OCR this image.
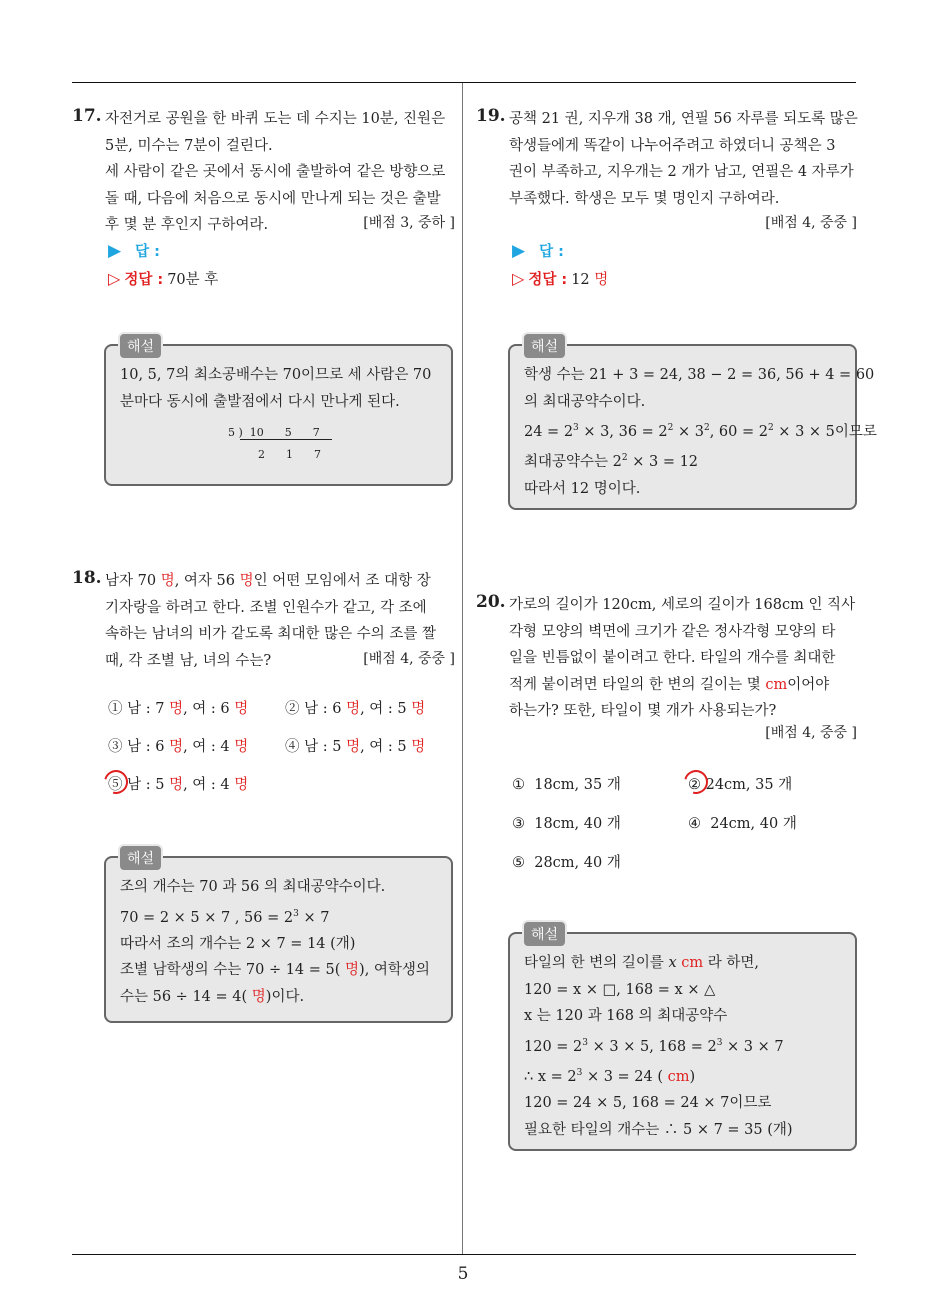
5
17. 자전거로 공원을 한 바퀴 도는 데 수지는 10분, 진원은
5분, 미수는 7분이 걸린다.
세 사람이 같은 곳에서 동시에 출발하여 같은 방향으로
돌 때, 다음에 처음으로 동시에 만나게 되는 것은 출발
후 몇 분 후인지 구하여라.	[배점 3, 중하 ]
▶ 답 :
▷ 정답 : 70분 후
해설
10, 5, 7의 최소공배수는 70이므로 세 사람은 70
분마다 동시에 출발점에서 다시 만나게 된다.
5 )  10      5      7
2      1      7
18. 남자 70 명, 여자 56 명인 어떤 모임에서 조 대항 장
기자랑을 하려고 한다. 조별 인원수가 같고, 각 조에
속하는 남녀의 비가 같도록 최대한 많은 수의 조를 짤
때, 각 조별 남, 녀의 수는?	[배점 4, 중중 ]
① 남 : 7 명, 여 : 6 명	② 남 : 6 명, 여 : 5 명
③ 남 : 6 명, 여 : 4 명	④ 남 : 5 명, 여 : 5 명
⑤ 남 : 5 명, 여 : 4 명
해설
조의 개수는 70 과 56 의 최대공약수이다.
70 = 2 × 5 × 7 , $56 = 2^3 \times 7$
따라서 조의 개수는 2 × 7 = 14 (개)
조별 남학생의 수는 70 ÷ 14 = 5( 명), 여학생의
수는 56 ÷ 14 = 4( 명)이다.
19. 공책 21 권, 지우개 38 개, 연필 56 자루를 되도록 많은
학생들에게 똑같이 나누어주려고 하였더니 공책은 3
권이 부족하고, 지우개는 2 개가 남고, 연필은 4 자루가
부족했다. 학생은 모두 몇 명인지 구하여라.
[배점 4, 중중 ]
▶ 답 :
▷ 정답 : 12 명
해설
학생 수는 21 + 3 = 24, 38 − 2 = 36, 56 + 4 = 60
의 최대공약수이다.
$24 = 2^3 \times 3$, $36 = 2^2 \times 3^2$, $60 = 2^2 \times 3 \times 5$이므로
최대공약수는 $2^2 \times 3 = 12$
따라서 12 명이다.
20. 가로의 길이가 120cm, 세로의 길이가 168cm 인 직사
각형 모양의 벽면에 크기가 같은 정사각형 모양의 타
일을 빈틈없이 붙이려고 한다. 타일의 개수를 최대한
적게 붙이려면 타일의 한 변의 길이는 몇 cm이어야
하는가? 또한, 타일이 몇 개가 사용되는가?
[배점 4, 중중 ]
①  18cm, 35 개	② 24cm, 35 개
③  18cm, 40 개	④  24cm, 40 개
⑤  28cm, 40 개
해설
타일의 한 변의 길이를 x cm 라 하면,
120 = x × □, 168 = x × △
x 는 120 과 168 의 최대공약수
$120 = 2^3 \times 3 \times 5$, $168 = 2^3 \times 3 \times 7$
∴ $x = 2^3 \times 3 = 24$ ( cm)
120 = 24 × 5, 168 = 24 × 7이므로
필요한 타일의 개수는 ∴ 5 × 7 = 35 (개)
